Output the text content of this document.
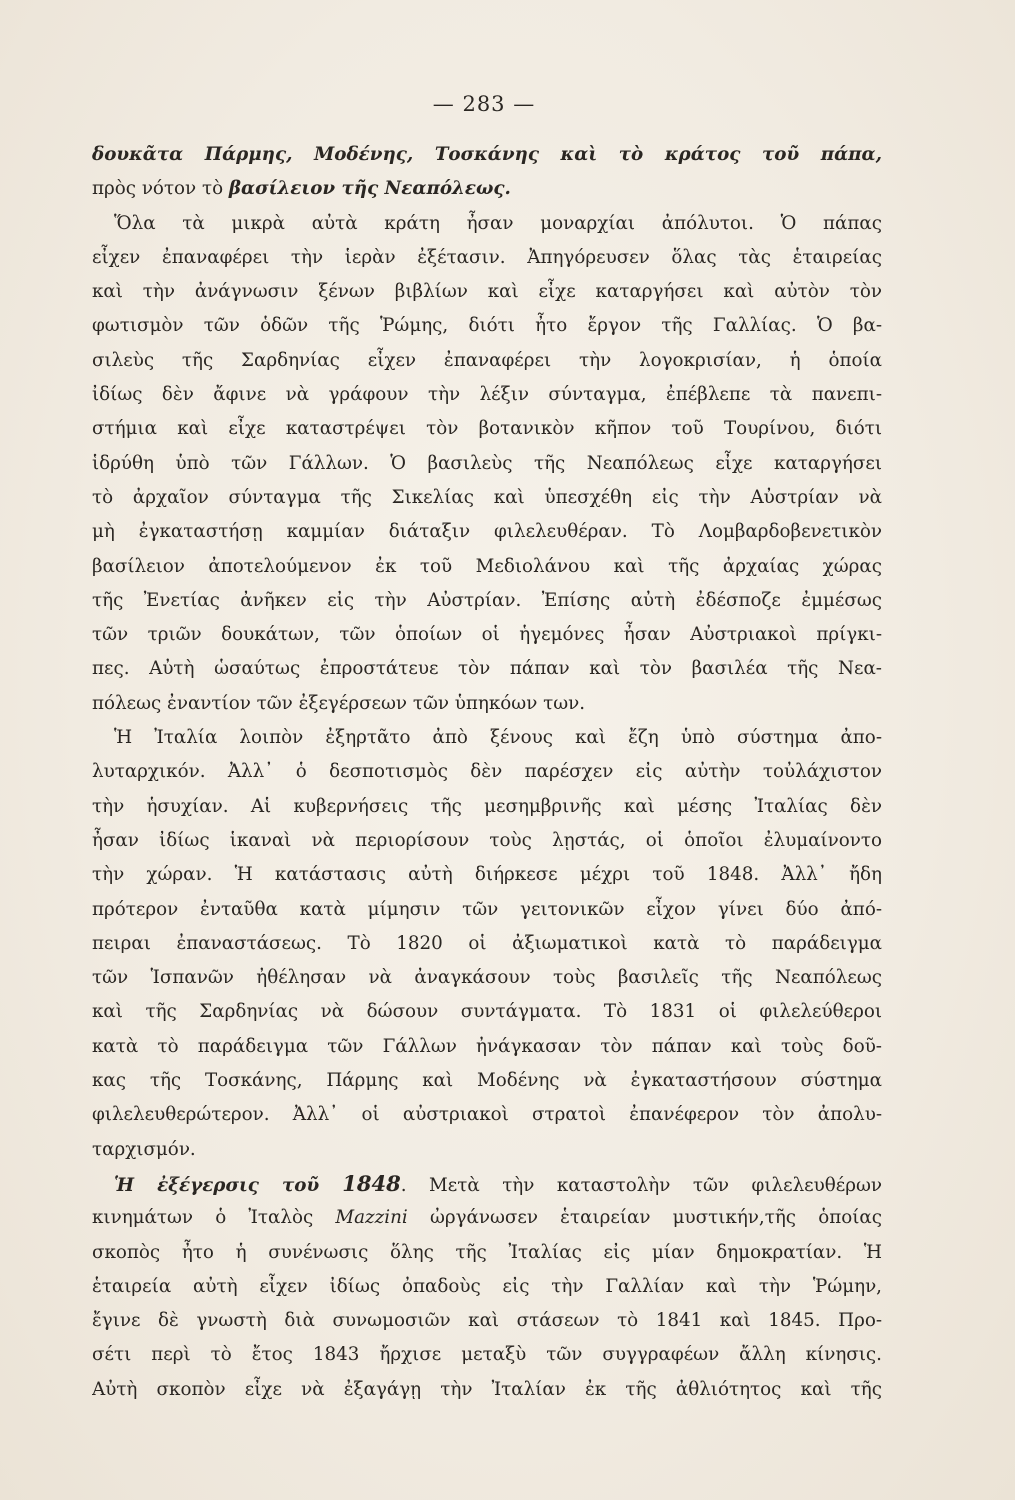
— 283 —
δουκᾶτα Πάρμης, Μοδένης, Τοσκάνης καὶ τὸ κράτος τοῦ πάπα,
πρὸς νότον τὸ βασίλειον τῆς Νεαπόλεως.
Ὅλα τὰ μικρὰ αὐτὰ κράτη ἦσαν μοναρχίαι ἀπόλυτοι. Ὁ πάπας
εἶχεν ἐπαναφέρει τὴν ἱερὰν ἐξέτασιν. Ἀπηγόρευσεν ὅλας τὰς ἑταιρείας
καὶ τὴν ἀνάγνωσιν ξένων βιβλίων καὶ εἶχε καταργήσει καὶ αὐτὸν τὸν
φωτισμὸν τῶν ὁδῶν τῆς Ῥώμης, διότι ἦτο ἔργον τῆς Γαλλίας. Ὁ βα-
σιλεὺς τῆς Σαρδηνίας εἶχεν ἐπαναφέρει τὴν λογοκρισίαν, ἡ ὁποία
ἰδίως δὲν ἄφινε νὰ γράφουν τὴν λέξιν σύνταγμα, ἐπέβλεπε τὰ πανεπι-
στήμια καὶ εἶχε καταστρέψει τὸν βοτανικὸν κῆπον τοῦ Τουρίνου, διότι
ἱδρύθη ὑπὸ τῶν Γάλλων. Ὁ βασιλεὺς τῆς Νεαπόλεως εἶχε καταργήσει
τὸ ἀρχαῖον σύνταγμα τῆς Σικελίας καὶ ὑπεσχέθη εἰς τὴν Αὐστρίαν νὰ
μὴ ἐγκαταστήσῃ καμμίαν διάταξιν φιλελευθέραν. Τὸ Λομβαρδοβενετικὸν
βασίλειον ἀποτελούμενον ἐκ τοῦ Μεδιολάνου καὶ τῆς ἀρχαίας χώρας
τῆς Ἐνετίας ἀνῆκεν εἰς τὴν Αὐστρίαν. Ἐπίσης αὐτὴ ἐδέσποζε ἐμμέσως
τῶν τριῶν δουκάτων, τῶν ὁποίων οἱ ἡγεμόνες ἦσαν Αὐστριακοὶ πρίγκι-
πες. Αὐτὴ ὡσαύτως ἐπροστάτευε τὸν πάπαν καὶ τὸν βασιλέα τῆς Νεα-
πόλεως ἐναντίον τῶν ἐξεγέρσεων τῶν ὑπηκόων των.
Ἡ Ἰταλία λοιπὸν ἐξηρτᾶτο ἀπὸ ξένους καὶ ἔζη ὑπὸ σύστημα ἀπο-
λυταρχικόν. Ἀλλ᾽ ὁ δεσποτισμὸς δὲν παρέσχεν εἰς αὐτὴν τοὐλάχιστον
τὴν ἡσυχίαν. Αἱ κυβερνήσεις τῆς μεσημβρινῆς καὶ μέσης Ἰταλίας δὲν
ἦσαν ἰδίως ἱκαναὶ νὰ περιορίσουν τοὺς λῃστάς, οἱ ὁποῖοι ἐλυμαίνοντο
τὴν χώραν. Ἡ κατάστασις αὐτὴ διήρκεσε μέχρι τοῦ 1848. Ἀλλ᾽ ἤδη
πρότερον ἐνταῦθα κατὰ μίμησιν τῶν γειτονικῶν εἶχον γίνει δύο ἀπό-
πειραι ἐπαναστάσεως. Τὸ 1820 οἱ ἀξιωματικοὶ κατὰ τὸ παράδειγμα
τῶν Ἱσπανῶν ἠθέλησαν νὰ ἀναγκάσουν τοὺς βασιλεῖς τῆς Νεαπόλεως
καὶ τῆς Σαρδηνίας νὰ δώσουν συντάγματα. Τὸ 1831 οἱ φιλελεύθεροι
κατὰ τὸ παράδειγμα τῶν Γάλλων ἠνάγκασαν τὸν πάπαν καὶ τοὺς δοῦ-
κας τῆς Τοσκάνης, Πάρμης καὶ Μοδένης νὰ ἐγκαταστήσουν σύστημα
φιλελευθερώτερον. Ἀλλ᾽ οἱ αὐστριακοὶ στρατοὶ ἐπανέφερον τὸν ἀπολυ-
ταρχισμόν.
Ἡ ἐξέγερσις τοῦ 1848. Μετὰ τὴν καταστολὴν τῶν φιλελευθέρων
κινημάτων ὁ Ἰταλὸς Mazzini ὠργάνωσεν ἑταιρείαν μυστικήν,τῆς ὁποίας
σκοπὸς ἦτο ἡ συνένωσις ὅλης τῆς Ἰταλίας εἰς μίαν δημοκρατίαν. Ἡ
ἑταιρεία αὐτὴ εἶχεν ἰδίως ὀπαδοὺς εἰς τὴν Γαλλίαν καὶ τὴν Ῥώμην,
ἔγινε δὲ γνωστὴ διὰ συνωμοσιῶν καὶ στάσεων τὸ 1841 καὶ 1845. Προ-
σέτι περὶ τὸ ἔτος 1843 ἤρχισε μεταξὺ τῶν συγγραφέων ἄλλη κίνησις.
Αὐτὴ σκοπὸν εἶχε νὰ ἐξαγάγῃ τὴν Ἰταλίαν ἐκ τῆς ἀθλιότητος καὶ τῆς
